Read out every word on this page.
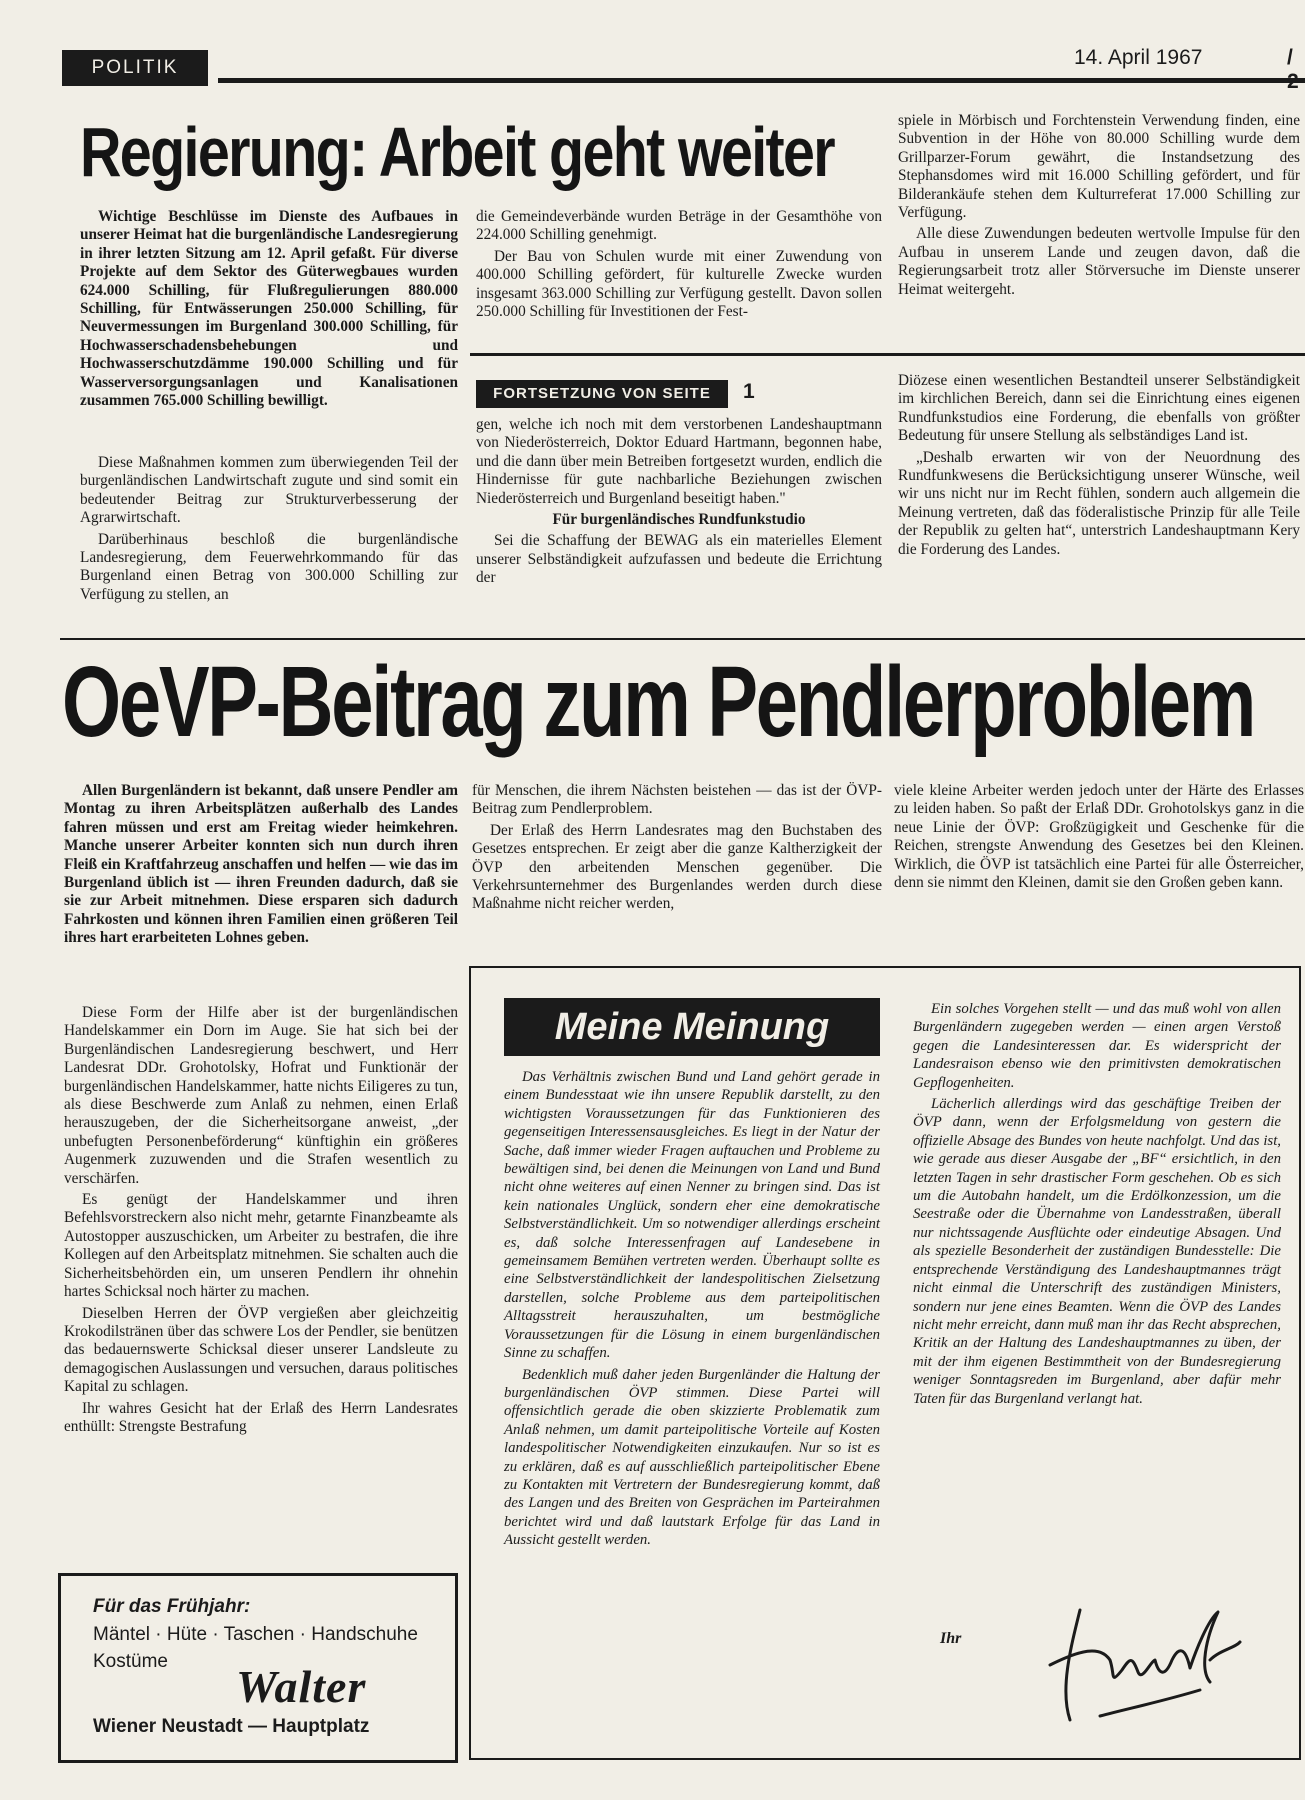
POLITIK	14. April 1967	/ 2
Regierung: Arbeit geht weiter

Wichtige Beschlüsse im Dienste des Aufbaues in unserer Heimat hat die burgenländische Landesregierung in ihrer letzten Sitzung am 12. April gefaßt. Für diverse Projekte auf dem Sektor des Güterwegbaues wurden 624.000 Schilling, für Flußregulierungen 880.000 Schilling, für Entwässerungen 250.000 Schilling, für Neuvermessungen im Burgenland 300.000 Schilling, für Hochwasserschadensbehebungen und Hochwasserschutzdämme 190.000 Schilling und für Wasserversorgungsanlagen und Kanalisationen zusammen 765.000 Schilling bewilligt.

Diese Maßnahmen kommen zum überwiegenden Teil der burgenländischen Landwirtschaft zugute und sind somit ein bedeutender Beitrag zur Strukturverbesserung der Agrarwirtschaft.

Darüberhinaus beschloß die burgenländische Landesregierung, dem Feuerwehrkommando für das Burgenland einen Betrag von 300.000 Schilling zur Verfügung zu stellen, an

die Gemeindeverbände wurden Beträge in der Gesamthöhe von 224.000 Schilling genehmigt.

Der Bau von Schulen wurde mit einer Zuwendung von 400.000 Schilling gefördert, für kulturelle Zwecke wurden insgesamt 363.000 Schilling zur Verfügung gestellt. Davon sollen 250.000 Schilling für Investitionen der Fest-

spiele in Mörbisch und Forchtenstein Verwendung finden, eine Subvention in der Höhe von 80.000 Schilling wurde dem Grillparzer-Forum gewährt, die Instandsetzung des Stephansdomes wird mit 16.000 Schilling gefördert, und für Bilderankäufe stehen dem Kulturreferat 17.000 Schilling zur Verfügung.

Alle diese Zuwendungen bedeuten wertvolle Impulse für den Aufbau in unserem Lande und zeugen davon, daß die Regierungsarbeit trotz aller Störversuche im Dienste unserer Heimat weitergeht.

FORTSETZUNG VON SEITE	1

gen, welche ich noch mit dem verstorbenen Landeshauptmann von Niederösterreich, Doktor Eduard Hartmann, begonnen habe, und die dann über mein Betreiben fortgesetzt wurden, endlich die Hindernisse für gute nachbarliche Beziehungen zwischen Niederösterreich und Burgenland beseitigt haben."

Für burgenländisches Rundfunkstudio

Sei die Schaffung der BEWAG als ein materielles Element unserer Selbständigkeit aufzufassen und bedeute die Errichtung der

Diözese einen wesentlichen Bestandteil unserer Selbständigkeit im kirchlichen Bereich, dann sei die Einrichtung eines eigenen Rundfunkstudios eine Forderung, die ebenfalls von größter Bedeutung für unsere Stellung als selbständiges Land ist.

„Deshalb erwarten wir von der Neuordnung des Rundfunkwesens die Berücksichtigung unserer Wünsche, weil wir uns nicht nur im Recht fühlen, sondern auch allgemein die Meinung vertreten, daß das föderalistische Prinzip für alle Teile der Republik zu gelten hat“, unterstrich Landeshauptmann Kery die Forderung des Landes.

OeVP-Beitrag zum Pendlerproblem

Allen Burgenländern ist bekannt, daß unsere Pendler am Montag zu ihren Arbeitsplätzen außerhalb des Landes fahren müssen und erst am Freitag wieder heimkehren. Manche unserer Arbeiter konnten sich nun durch ihren Fleiß ein Kraftfahrzeug anschaffen und helfen — wie das im Burgenland üblich ist — ihren Freunden dadurch, daß sie sie zur Arbeit mitnehmen. Diese ersparen sich dadurch Fahrkosten und können ihren Familien einen größeren Teil ihres hart erarbeiteten Lohnes geben.

Diese Form der Hilfe aber ist der burgenländischen Handelskammer ein Dorn im Auge. Sie hat sich bei der Burgenländischen Landesregierung beschwert, und Herr Landesrat DDr. Grohotolsky, Hofrat und Funktionär der burgenländischen Handelskammer, hatte nichts Eiligeres zu tun, als diese Beschwerde zum Anlaß zu nehmen, einen Erlaß herauszugeben, der die Sicherheitsorgane anweist, „der unbefugten Personenbeförderung“ künftighin ein größeres Augenmerk zuzuwenden und die Strafen wesentlich zu verschärfen.

Es genügt der Handelskammer und ihren Befehlsvorstreckern also nicht mehr, getarnte Finanzbeamte als Autostopper auszuschicken, um Arbeiter zu bestrafen, die ihre Kollegen auf den Arbeitsplatz mitnehmen. Sie schalten auch die Sicherheitsbehörden ein, um unseren Pendlern ihr ohnehin hartes Schicksal noch härter zu machen.

Dieselben Herren der ÖVP vergießen aber gleichzeitig Krokodilstränen über das schwere Los der Pendler, sie benützen das bedauernswerte Schicksal dieser unserer Landsleute zu demagogischen Auslassungen und versuchen, daraus politisches Kapital zu schlagen.

Ihr wahres Gesicht hat der Erlaß des Herrn Landesrates enthüllt: Strengste Bestrafung

für Menschen, die ihrem Nächsten beistehen — das ist der ÖVP-Beitrag zum Pendlerproblem.

Der Erlaß des Herrn Landesrates mag den Buchstaben des Gesetzes entsprechen. Er zeigt aber die ganze Kaltherzigkeit der ÖVP den arbeitenden Menschen gegenüber. Die Verkehrsunternehmer des Burgenlandes werden durch diese Maßnahme nicht reicher werden,

viele kleine Arbeiter werden jedoch unter der Härte des Erlasses zu leiden haben. So paßt der Erlaß DDr. Grohotolskys ganz in die neue Linie der ÖVP: Großzügigkeit und Geschenke für die Reichen, strengste Anwendung des Gesetzes bei den Kleinen. Wirklich, die ÖVP ist tatsächlich eine Partei für alle Österreicher, denn sie nimmt den Kleinen, damit sie den Großen geben kann.

Meine Meinung

Das Verhältnis zwischen Bund und Land gehört gerade in einem Bundesstaat wie ihn unsere Republik darstellt, zu den wichtigsten Voraussetzungen für das Funktionieren des gegenseitigen Interessensausgleiches. Es liegt in der Natur der Sache, daß immer wieder Fragen auftauchen und Probleme zu bewältigen sind, bei denen die Meinungen von Land und Bund nicht ohne weiteres auf einen Nenner zu bringen sind. Das ist kein nationales Unglück, sondern eher eine demokratische Selbstverständlichkeit. Um so notwendiger allerdings erscheint es, daß solche Interessenfragen auf Landesebene in gemeinsamem Bemühen vertreten werden. Überhaupt sollte es eine Selbstverständlichkeit der landespolitischen Zielsetzung darstellen, solche Probleme aus dem parteipolitischen Alltagsstreit herauszuhalten, um bestmögliche Voraussetzungen für die Lösung in einem burgenländischen Sinne zu schaffen.

Bedenklich muß daher jeden Burgenländer die Haltung der burgenländischen ÖVP stimmen. Diese Partei will offensichtlich gerade die oben skizzierte Problematik zum Anlaß nehmen, um damit parteipolitische Vorteile auf Kosten landespolitischer Notwendigkeiten einzukaufen. Nur so ist es zu erklären, daß es auf ausschließlich parteipolitischer Ebene zu Kontakten mit Vertretern der Bundesregierung kommt, daß des Langen und des Breiten von Gesprächen im Parteirahmen berichtet wird und daß lautstark Erfolge für das Land in Aussicht gestellt werden.

Ein solches Vorgehen stellt — und das muß wohl von allen Burgenländern zugegeben werden — einen argen Verstoß gegen die Landesinteressen dar. Es widerspricht der Landesraison ebenso wie den primitivsten demokratischen Gepflogenheiten.

Lächerlich allerdings wird das geschäftige Treiben der ÖVP dann, wenn der Erfolgsmeldung von gestern die offizielle Absage des Bundes von heute nachfolgt. Und das ist, wie gerade aus dieser Ausgabe der „BF“ ersichtlich, in den letzten Tagen in sehr drastischer Form geschehen. Ob es sich um die Autobahn handelt, um die Erdölkonzession, um die Seestraße oder die Übernahme von Landesstraßen, überall nur nichtssagende Ausflüchte oder eindeutige Absagen. Und als spezielle Besonderheit der zuständigen Bundesstelle: Die entsprechende Verständigung des Landeshauptmannes trägt nicht einmal die Unterschrift des zuständigen Ministers, sondern nur jene eines Beamten. Wenn die ÖVP des Landes nicht mehr erreicht, dann muß man ihr das Recht absprechen, Kritik an der Haltung des Landeshauptmannes zu üben, der mit der ihm eigenen Bestimmtheit von der Bundesregierung weniger Sonntagsreden im Burgenland, aber dafür mehr Taten für das Burgenland verlangt hat.

Ihr
Für das Frühjahr:
Mäntel · Hüte · Taschen · Handschuhe
Kostüme Walter
Wiener Neustadt — Hauptplatz
